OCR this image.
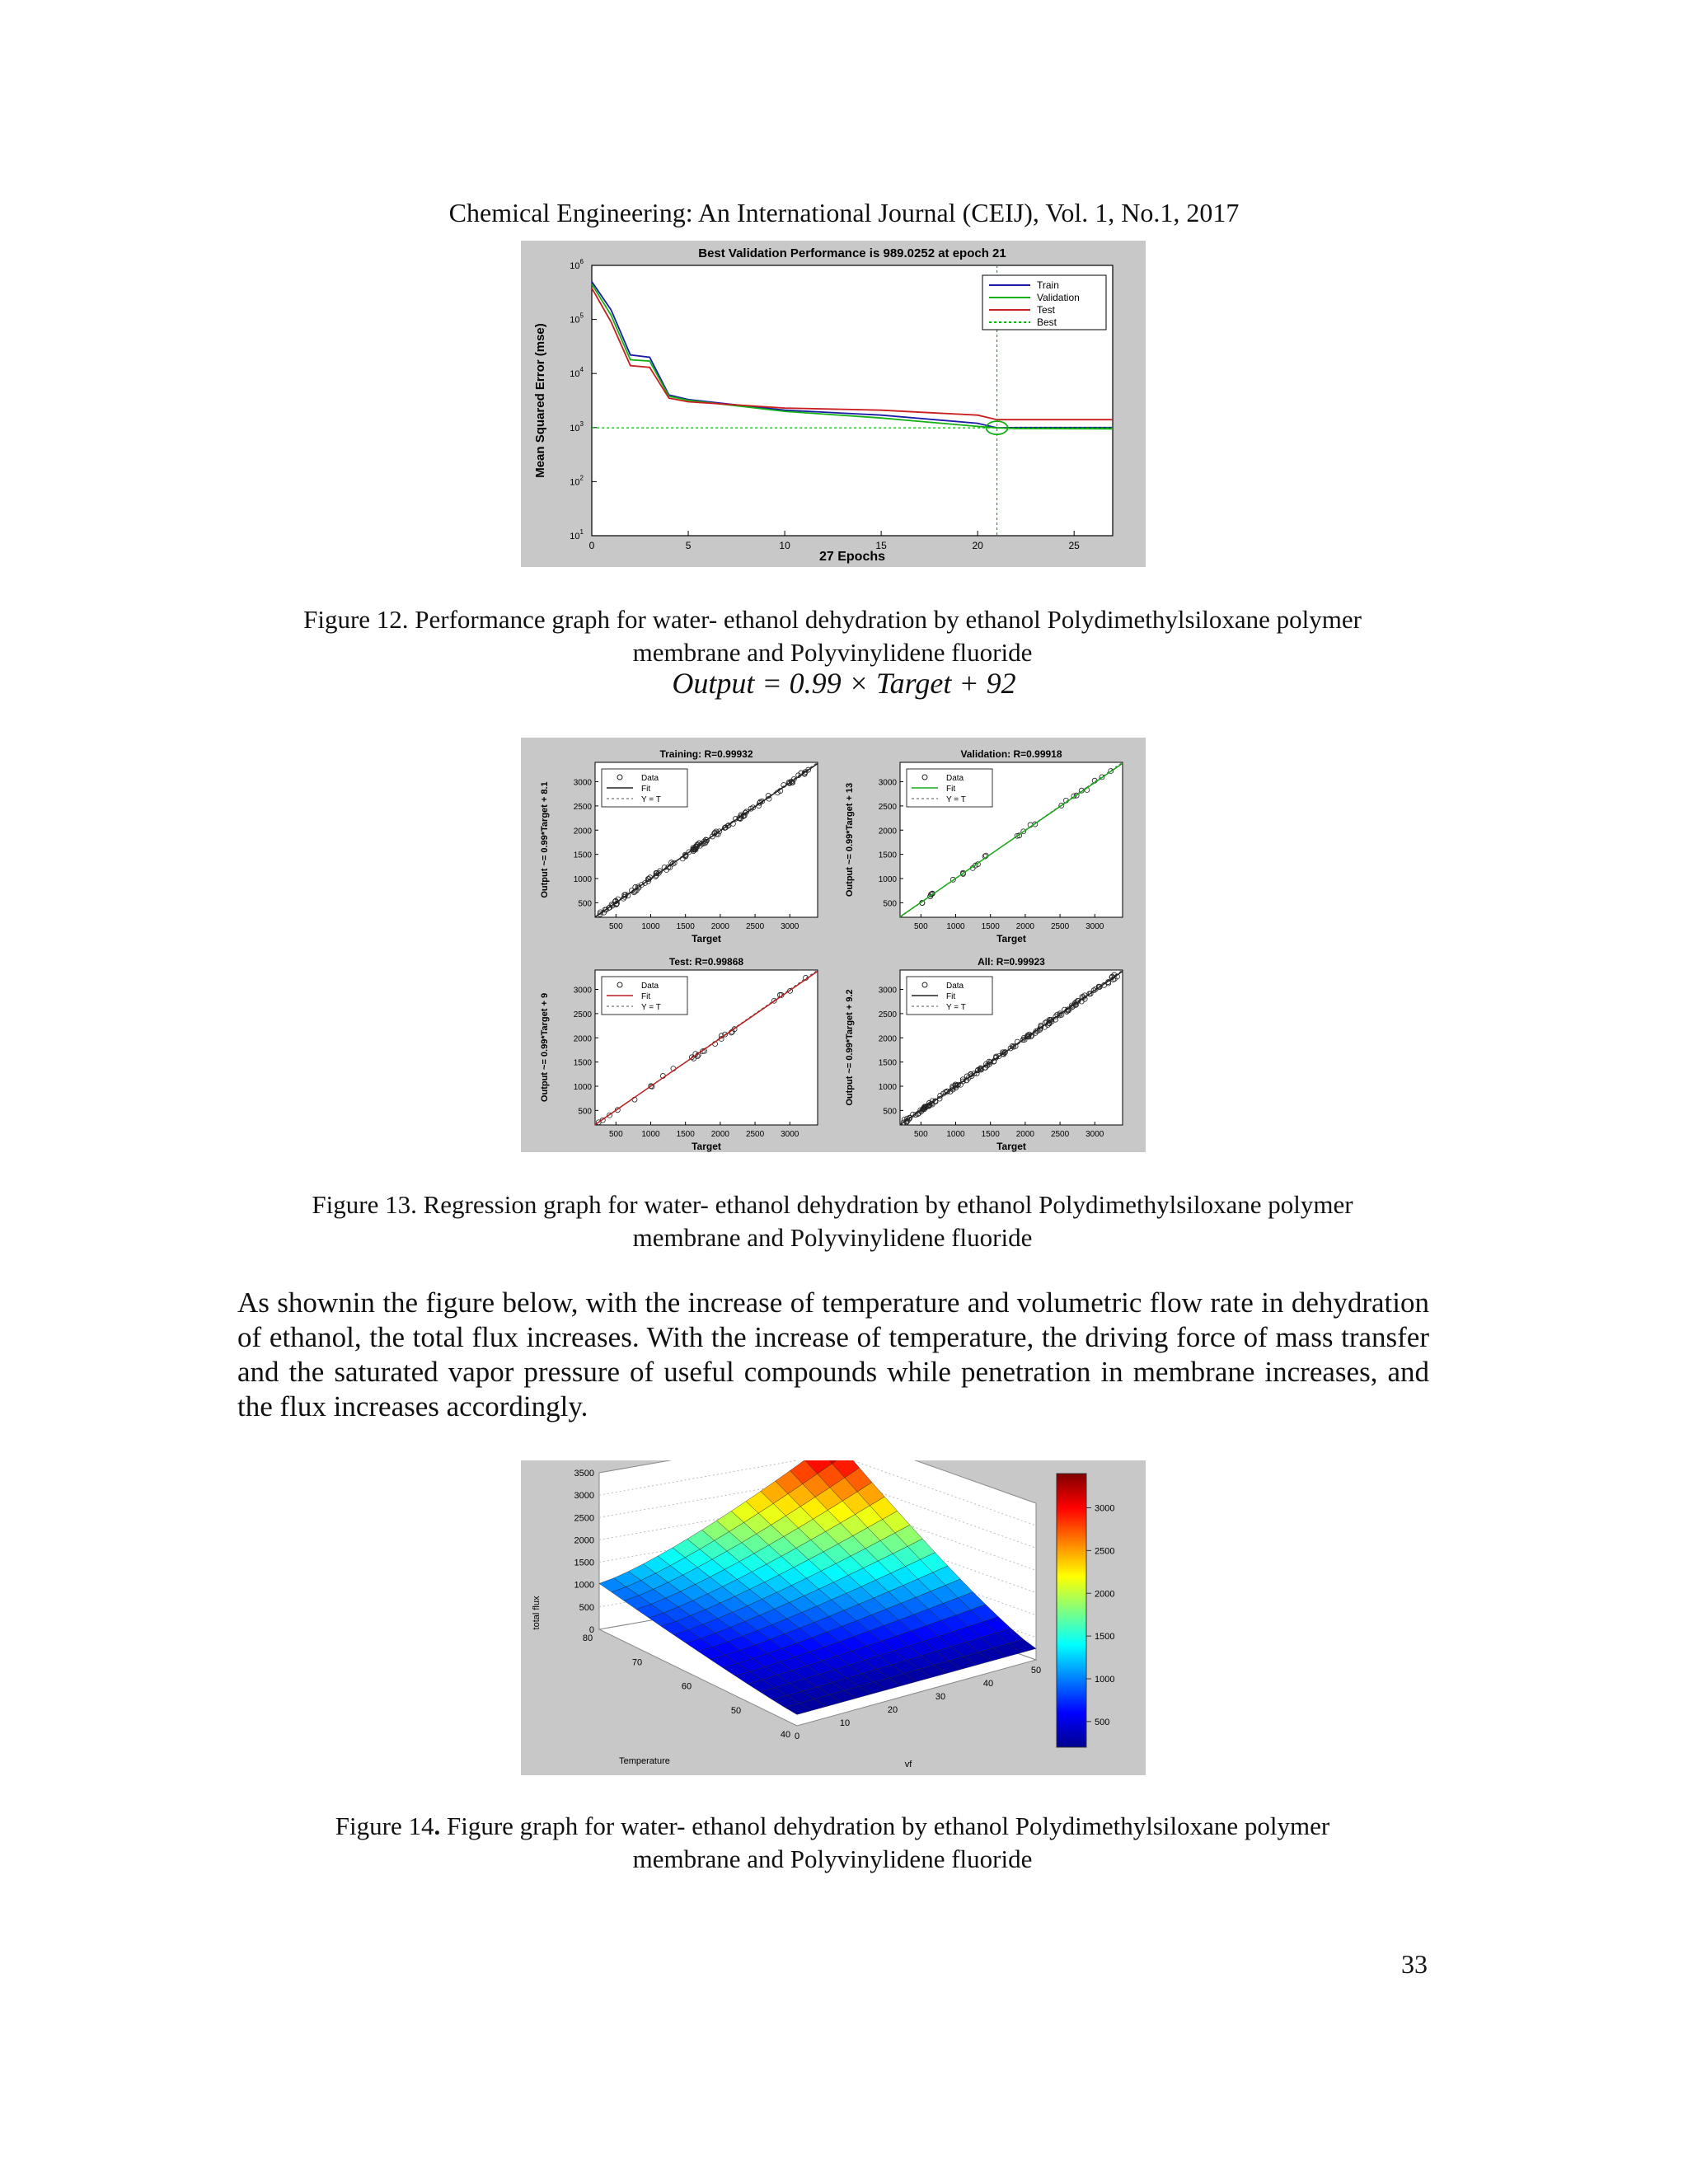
Chemical Engineering: An International Journal (CEIJ), Vol. 1, No.1, 2017
Best Validation Performance is 989.0252 at epoch 21
27 Epochs
Mean Squared Error (mse)
0	5	10	15	20	25
$10^1$
$10^2$
$10^3$
$10^4$
$10^5$
$10^6$
Train
Validation
Test
Best
Figure 12. Performance graph for water- ethanol dehydration by ethanol Polydimethylsiloxane polymer
membrane and Polyvinylidene fluoride
Output = 0.99 × Target + 92
Training: R=0.99932
Target
Output ~= 0.99*Target + 8.1
500 1000 1500 2000 2500 3000
500
1000
1500
2000
2500
3000	Data
Fit
Y = T
Validation: R=0.99918
Target
Output ~= 0.99*Target + 13
500 1000 1500 2000 2500 3000
500
1000
1500
2000
2500
3000	Data
Fit
Y = T
Test: R=0.99868
Target
Output ~= 0.99*Target + 9
500 1000 1500 2000 2500 3000
500
1000
1500
2000
2500
3000	Data
Fit
Y = T
All: R=0.99923
Target
Output ~= 0.99*Target + 9.2
500 1000 1500 2000 2500 3000
500
1000
1500
2000
2500
3000	Data
Fit
Y = T
Figure 13. Regression graph for water- ethanol dehydration by ethanol Polydimethylsiloxane polymer
membrane and Polyvinylidene fluoride
As shownin the figure below, with the increase of temperature and volumetric flow rate in dehydration of ethanol, the total flux increases. With the increase of temperature, the driving force of mass transfer and the saturated vapor pressure of useful compounds while penetration in membrane increases, and the flux increases accordingly.
0
500
1000
1500
2000
2500
3000
3500
80
70
60
50
40 0
10
20
30
40
50
500
1000
1500
2000
2500
3000
total flux
Temperature	vf
Figure 14. Figure graph for water- ethanol dehydration by ethanol Polydimethylsiloxane polymer
membrane and Polyvinylidene fluoride
33
